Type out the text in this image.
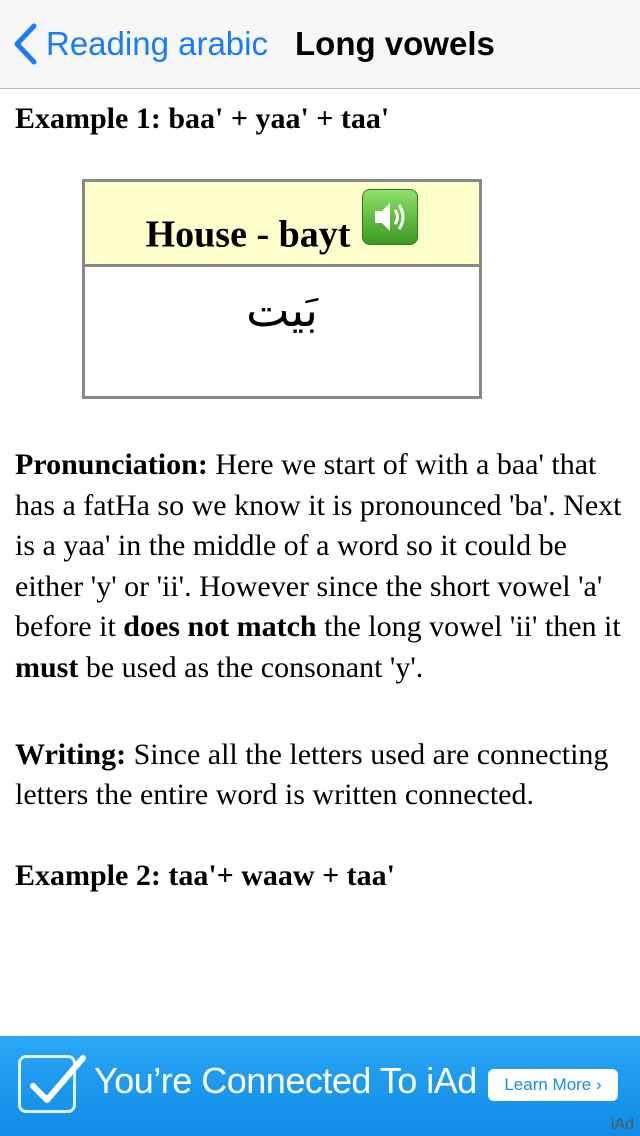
Reading arabic Long vowels
Example 1: baa' + yaa' + taa'
House - bayt
بَيت

Pronunciation: Here we start of with a baa' that has a fatHa so we know it is pronounced 'ba'. Next is a yaa' in the middle of a word so it could be either 'y' or 'ii'. However since the short vowel 'a' before it does not match the long vowel 'ii' then it must be used as the consonant 'y'.

Writing: Since all the letters used are connecting letters the entire word is written connected.

Example 2: taa'+ waaw + taa'
You’re Connected To iAd	Learn More ›
iAd
